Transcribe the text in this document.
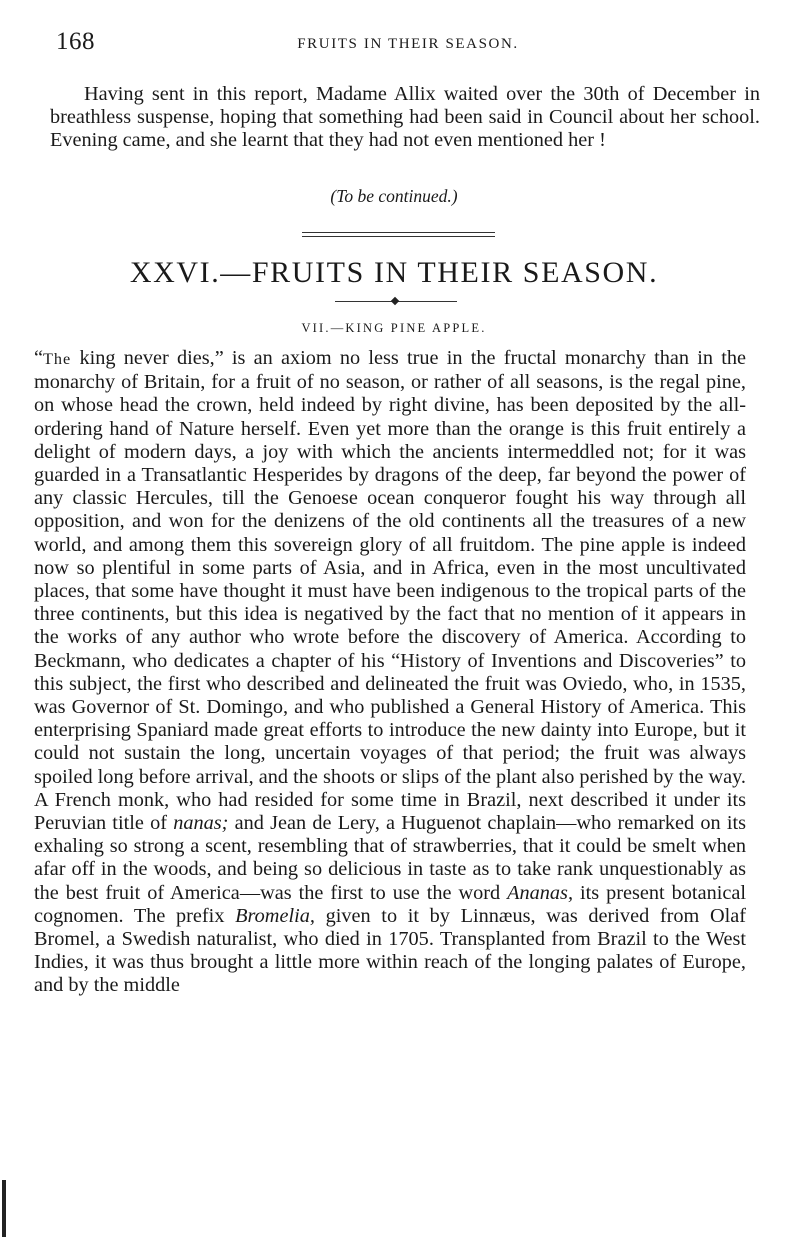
168	FRUITS IN THEIR SEASON.

Having sent in this report, Madame Allix waited over the 30th of December in breathless suspense, hoping that something had been said in Council about her school. Evening came, and she learnt that they had not even mentioned her !

(To be continued.)
XXVI.—FRUITS IN THEIR SEASON.
VII.—KING PINE APPLE.

“The king never dies,” is an axiom no less true in the fructal monarchy than in the monarchy of Britain, for a fruit of no season, or rather of all seasons, is the regal pine, on whose head the crown, held indeed by right divine, has been deposited by the all-ordering hand of Nature herself. Even yet more than the orange is this fruit entirely a delight of modern days, a joy with which the ancients intermeddled not; for it was guarded in a Transatlantic Hesperides by dragons of the deep, far beyond the power of any classic Hercules, till the Genoese ocean conqueror fought his way through all opposition, and won for the denizens of the old continents all the treasures of a new world, and among them this sovereign glory of all fruitdom. The pine apple is indeed now so plentiful in some parts of Asia, and in Africa, even in the most uncultivated places, that some have thought it must have been indigenous to the tropical parts of the three continents, but this idea is negatived by the fact that no mention of it appears in the works of any author who wrote before the discovery of America. According to Beckmann, who dedicates a chapter of his “History of Inventions and Discoveries” to this subject, the first who described and delineated the fruit was Oviedo, who, in 1535, was Governor of St. Domingo, and who published a General History of America. This enterprising Spaniard made great efforts to introduce the new dainty into Europe, but it could not sustain the long, uncertain voyages of that period; the fruit was always spoiled long before arrival, and the shoots or slips of the plant also perished by the way. A French monk, who had resided for some time in Brazil, next described it under its Peruvian title of nanas; and Jean de Lery, a Huguenot chaplain—who remarked on its exhaling so strong a scent, resembling that of strawberries, that it could be smelt when afar off in the woods, and being so delicious in taste as to take rank unquestionably as the best fruit of America—was the first to use the word Ananas, its present botanical cognomen. The prefix Bromelia, given to it by Linnæus, was derived from Olaf Bromel, a Swedish naturalist, who died in 1705. Transplanted from Brazil to the West Indies, it was thus brought a little more within reach of the longing palates of Europe, and by the middle
